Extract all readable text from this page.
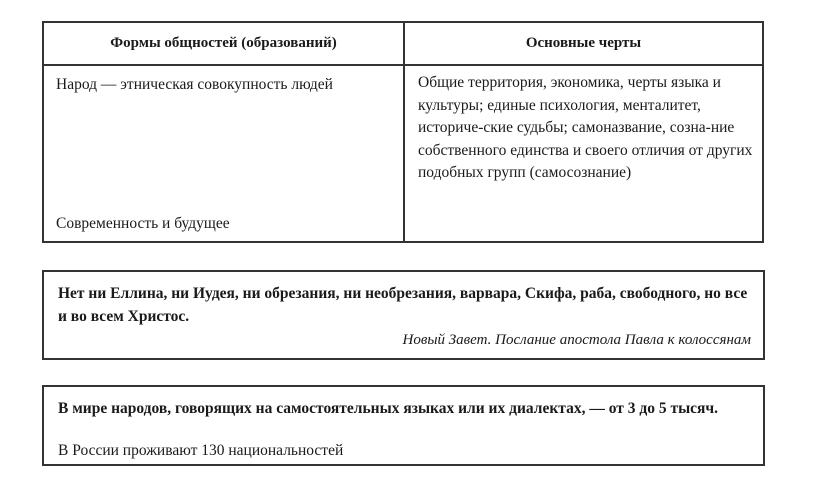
Формы общностей (образований)	Основные черты
Народ — этническая совокупность людей
Современность и будущее
Общие территория, экономика, черты языка и культуры; единые психология, менталитет, историче-ские судьбы; самоназвание, созна-ние собственного единства и своего отличия от других подобных групп (самосознание)
Нет ни Еллина, ни Иудея, ни обрезания, ни необрезания, варвара, Скифа, раба, свободного, но все и во всем Христос.
Новый Завет. Послание апостола Павла к колоссянам
В мире народов, говорящих на самостоятельных языках или их диалектах, — от 3 до 5 тысяч.
В России проживают 130 национальностей
